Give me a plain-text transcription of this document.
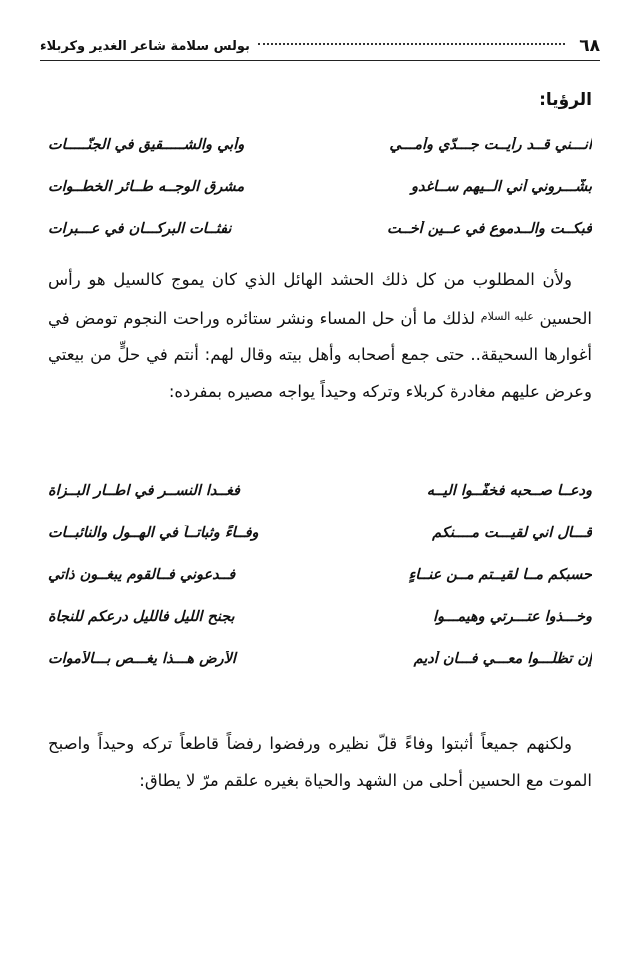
٦٨
بولس سلامة شاعر الغدير وكربلاء
الرؤيا:
انـــني قــد رأيــت جـــدّي وأمـــي
وأبي والشـــــقيق في الجنّـــــات
بشّـــروني أني الــيهم ســاغدو
مشرق الوجــه طــائر الخطــوات
فبكــت والــدموع في عــين أخــت
نفثــات البركـــان في عـــبرات

ولأن المطلوب من كل ذلك الحشد الهائل الذي كان يموج كالسيل هو رأس الحسين $^{عليه السلام}$ لذلك ما أن حل المساء ونشر ستائره وراحت النجوم تومض في أغوارها السحيقة.. حتى جمع أصحابه وأهل بيته وقال لهم: أنتم في حلٍّ من بيعتي وعرض عليهم مغادرة كربلاء وتركه وحيداً يواجه مصيره بمفرده:

ودعــا صــحبه فخفّــوا اليــه
فغــدا النســر في اطــار البــزاة
قـــال اني لقيـــت مــــنكم
وفــاءً وثباتــاً في الهــول والنائبــات
حسبكم مــا لقيــتم مــن عنــاءٍ
فــدعوني فــالقوم يبغــون ذاتي
وخـــذوا عتـــرتي وهيمـــوا
بجنح الليل فالليل درعكم للنجاة
إن تظلّـــوا معـــي فـــان أديم
الأرض هـــذا يغـــص بـــالأموات

ولكنهم جميعاً أثبتوا وفاءً قلّ نظيره ورفضوا رفضاً قاطعاً تركه وحيداً واصبح الموت مع الحسين أحلى من الشهد والحياة بغيره علقم مرّ لا يطاق:
